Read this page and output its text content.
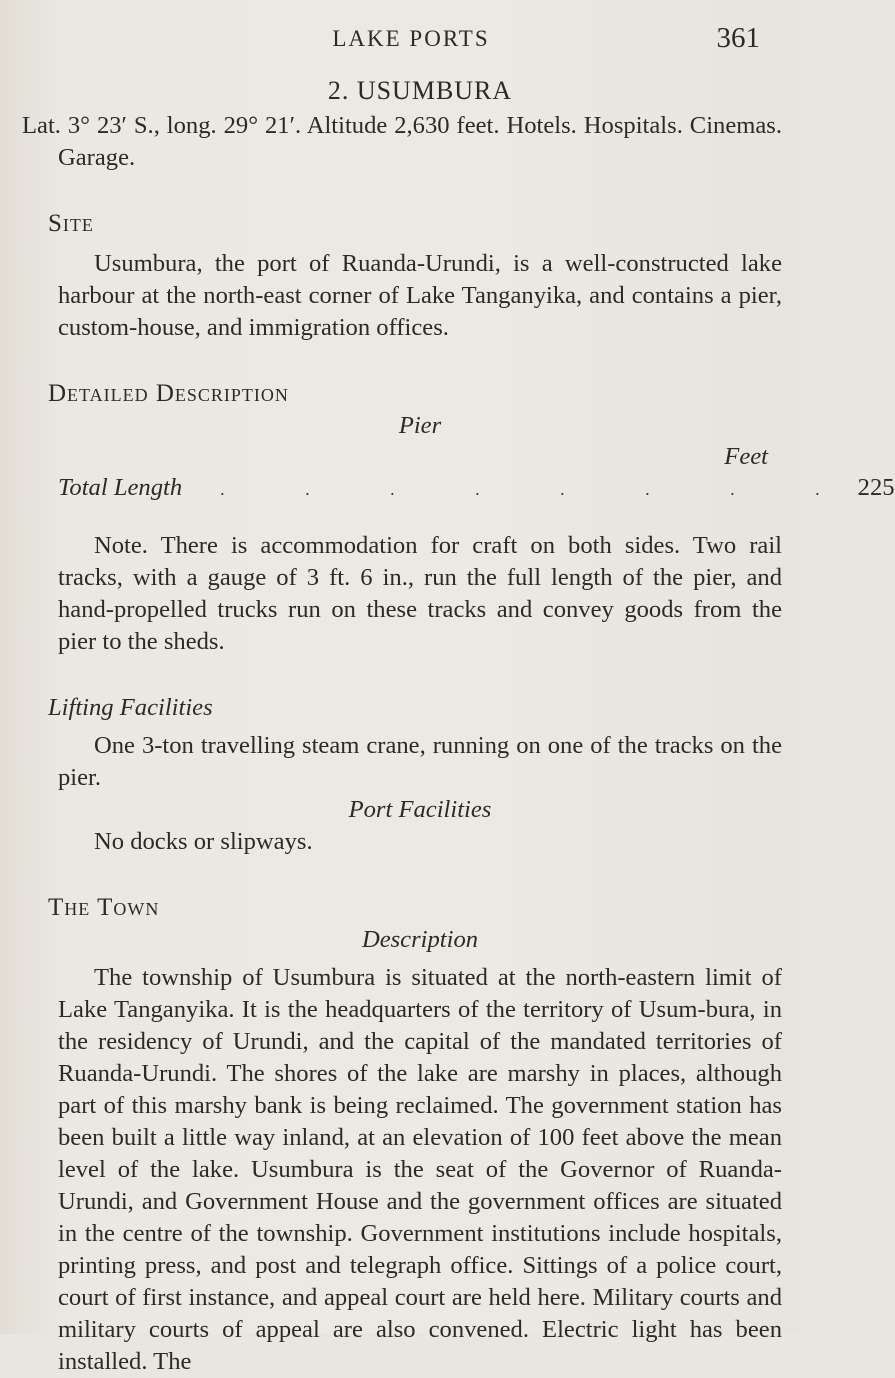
LAKE PORTS	361
2. USUMBURA

Lat. 3° 23′ S., long. 29° 21′. Altitude 2,630 feet. Hotels. Hospitals. Cinemas. Garage.

Site

Usumbura, the port of Ruanda-Urundi, is a well-constructed lake harbour at the north-east corner of Lake Tanganyika, and contains a pier, custom-house, and immigration offices.

Detailed Description

Pier

Feet
Total Length	. . . . . . . . 225

Note. There is accommodation for craft on both sides. Two rail tracks, with a gauge of 3 ft. 6 in., run the full length of the pier, and hand-propelled trucks run on these tracks and convey goods from the pier to the sheds.

Lifting Facilities

One 3-ton travelling steam crane, running on one of the tracks on the pier.

Port Facilities

No docks or slipways.

The Town

Description

The township of Usumbura is situated at the north-eastern limit of Lake Tanganyika. It is the headquarters of the territory of Usum-bura, in the residency of Urundi, and the capital of the mandated territories of Ruanda-Urundi. The shores of the lake are marshy in places, although part of this marshy bank is being reclaimed. The government station has been built a little way inland, at an elevation of 100 feet above the mean level of the lake. Usumbura is the seat of the Governor of Ruanda-Urundi, and Government House and the government offices are situated in the centre of the township. Government institutions include hospitals, printing press, and post and telegraph office. Sittings of a police court, court of first instance, and appeal court are held here. Military courts and military courts of appeal are also convened. Electric light has been installed. The
